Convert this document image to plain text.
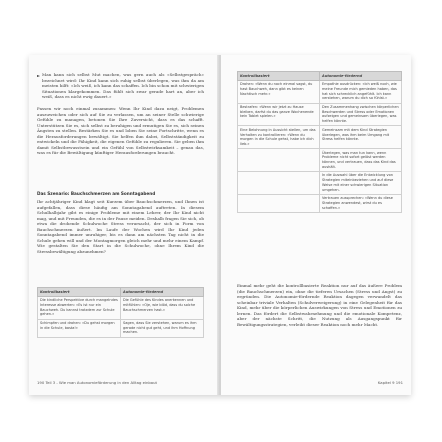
► Man kann sich selbst Mut machen, was gern auch als «Selbstgespräch» bezeichnet wird: Ihr Kind kann sich ruhig selbst überlegen, was ihm da am meisten hilft: «Ich weiß, ich kann das schaffen. Ich bin schon mit schwierigen Situationen klargekommen. Das fühlt sich zwar gerade hart an, aber ich weiß, dass es nicht ewig dauert.»

Passen wir noch einmal zusammen: Wenn Ihr Kind dazu neigt, Problemen auszuweichen oder sich auf Sie zu verlassen, um an seiner Stelle schwierige Gefühle zu managen, betonen Sie Ihre Zuversicht, dass es das schafft. Unterstützen Sie es, sich selbst zu beruhigen und ermutigen Sie es, sich seinen Ängsten zu stellen. Bestärken Sie es und loben Sie seine Fortschritte, wenn es die Herausforderungen bewältigt. Sie helfen ihm dabei, Selbstständigkeit zu entwickeln und die Fähigkeit, die eigenen Gefühle zu regulieren. Sie geben ihm damit Selbstbewusstsein und ein Gefühl von Selbstwirksamkeit – genau das, was es für die Bewältigung künftiger Herausforderungen braucht.

Das Szenario: Bauchschmerzen am Sonntagabend

Ihr achtjähriger Kind klagt seit Kurzem über Bauchschmerzen, und Ihnen ist aufgefallen, dass diese häufig am Sonntagabend auftreten. In diesem Schulhalbjahr gibt es einige Probleme mit einem Lehrer, der Ihr Kind nicht mag, und mit Freunden, die es in der Pause meiden. Deshalb fragen Sie sich, ob etwa die drohende Schulwoche Stress verursacht, der sich in Form von Bauchschmerzen äußert. Im Laufe der Wochen wird Ihr Kind jeden Sonntagabend immer unruhiger, bis es dann am nächsten Tag nicht in die Schule gehen will und der Montagmorgen gleich mehr und mehr einem Kampf. Wie gestalten Sie den Start in die Schulwoche, ohne Ihrem Kind die Stressbewältigung abzunehmen?

Kontrollbasiert	Autonomie-fördernd
Die kindliche Perspektive durch mangelndes Interesse abwerten: «Es ist nur ein Bauchweh. Du kannst trotzdem zur Schule gehen.»	Die Gefühle des Kindes anerkennen und mitfühlen: «Oje, wie blöd, dass du solche Bauchschmerzen hast.»
Schimpfen und drohen: «Du gehst morgen in die Schule, basta!»	Sagen, dass Sie verstehen, warum es ihm gerade nicht gut geht, und ihm Hoffnung machen.
190 Teil 3 - Wie man Autonomieförderung in den Alltag einbaut
Kontrollbasiert	Autonomie-fördernd
Drohen: «Wenn du noch einmal sagst, du hast Bauchweh, dann gibt es keinen Nachtisch mehr.»	Empathie ausdrücken: «Ich weiß noch, wie meine Freunde mich gemieden haben, das hat sich schrecklich angefühlt. Ich kann verstehen, warum du dich so fühlst.»
Bestrafen: «Wenn wir jetzt zu Hause bleiben, darfst du das ganze Wochenende kein Tablet spielen.»	Den Zusammenhang zwischen körperlichen Beschwerden und Stress oder Emotionen aufzeigen und gemeinsam überlegen, was helfen könnte.
Eine Belohnung in Aussicht stellen, um das Verhalten zu kontrollieren: «Wenn du morgen in die Schule gehst, habe ich dich lieb.»	Gemeinsam mit dem Kind Strategien überlegen, was ihm beim Umgang mit Stress helfen könnte.
	Überlegen, was man tun kann, wenn Probleme nicht sofort gelöst werden können, und vertrauen, dass das Kind das aushält.
	In die Auswahl über die Entwicklung von Strategien miteinbeziehen und auf diese Weise mit einer schwierigen Situation umgehen.
	Vertrauen aussprechen: «Wenn du diese Strategien anwendest, wirst du es schaffen.»

Einmal mehr geht die kontrollbasierte Reaktion nur auf das äußere Problem (die Bauchschmerzen) ein, ohne die tieferen Ursachen (Stress und Angst) zu ergründen. Die Autonomie-fördernde Reaktion dagegen verwandelt das scheinbar triviale Verhalten (Schulverweigerung) in eine Gelegenheit für das Kind, mehr über die körperlichen Auswirkungen von Stress und Emotionen zu lernen. Das fördert die Selbstwahrnehmung und die emotionale Kompetenz, aber der nächste Schritt, die Nutzung als Ausgangspunkt für Bewältigungsstrategien, verleiht dieser Reaktion noch mehr Macht.

Kapitel 9 191
